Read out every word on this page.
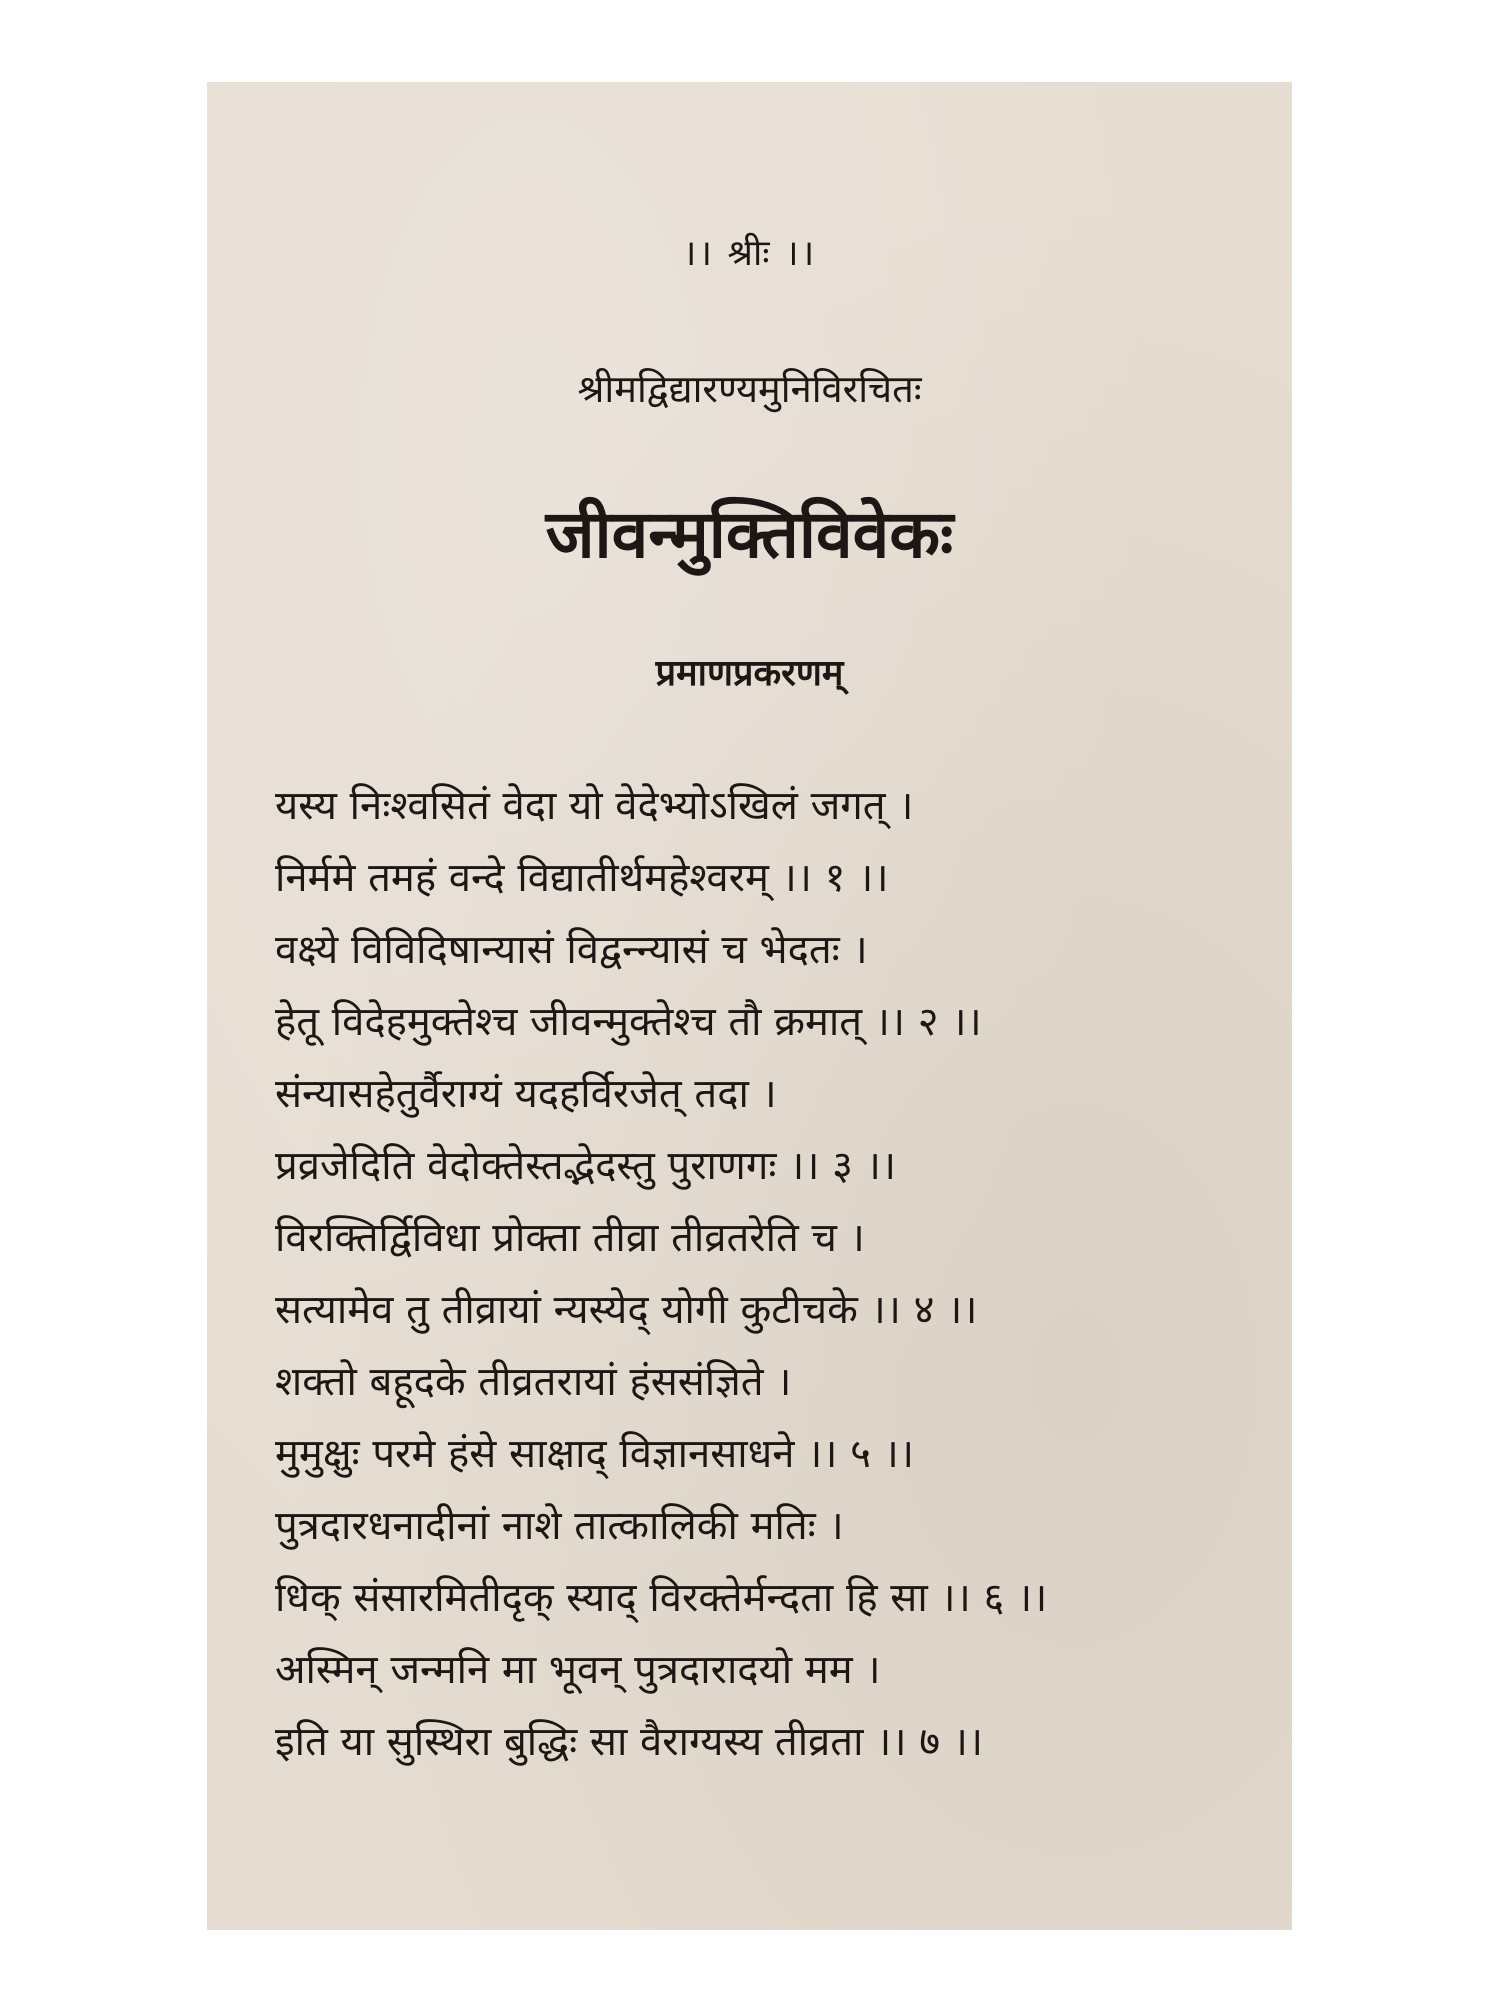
।। श्रीः ।।
श्रीमद्विद्यारण्यमुनिविरचितः
जीवन्मुक्तिविवेकः
प्रमाणप्रकरणम्
यस्य निःश्वसितं वेदा यो वेदेभ्योऽखिलं जगत् ।
निर्ममे तमहं वन्दे विद्यातीर्थमहेश्वरम् ।। १ ।।
वक्ष्ये विविदिषान्यासं विद्वन्न्यासं च भेदतः ।
हेतू विदेहमुक्तेश्च जीवन्मुक्तेश्च तौ क्रमात् ।। २ ।।
संन्यासहेतुर्वैराग्यं यदहर्विरजेत् तदा ।
प्रव्रजेदिति वेदोक्तेस्तद्भेदस्तु पुराणगः ।। ३ ।।
विरक्तिर्द्विविधा प्रोक्ता तीव्रा तीव्रतरेति च ।
सत्यामेव तु तीव्रायां न्यस्येद् योगी कुटीचके ।। ४ ।।
शक्तो बहूदके तीव्रतरायां हंससंज्ञिते ।
मुमुक्षुः परमे हंसे साक्षाद् विज्ञानसाधने ।। ५ ।।
पुत्रदारधनादीनां नाशे तात्कालिकी मतिः ।
धिक् संसारमितीदृक् स्याद् विरक्तेर्मन्दता हि सा ।। ६ ।।
अस्मिन् जन्मनि मा भूवन् पुत्रदारादयो मम ।
इति या सुस्थिरा बुद्धिः सा वैराग्यस्य तीव्रता ।। ७ ।।
